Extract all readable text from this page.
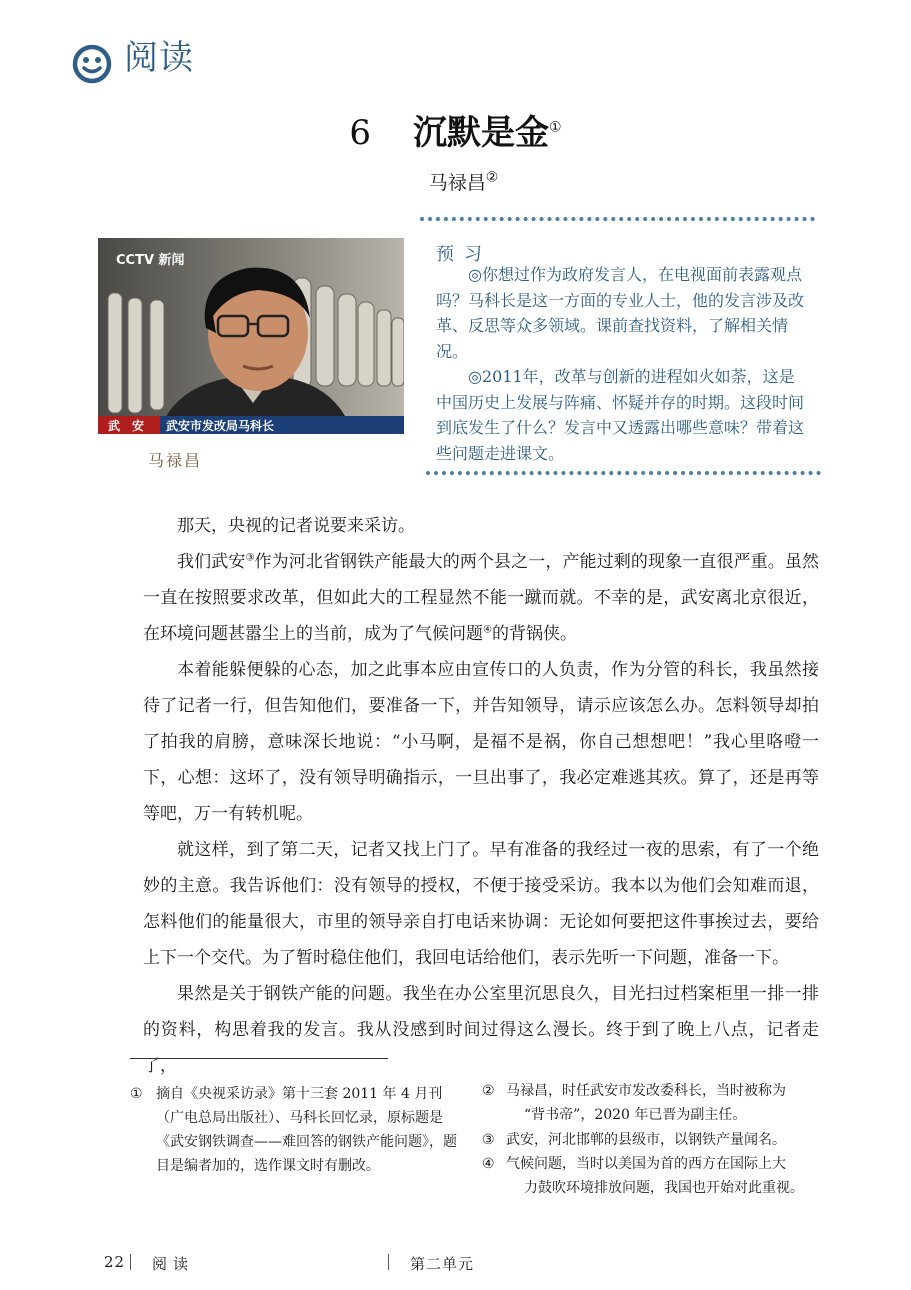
阅读
6 沉默是金①
马禄昌②
CCTV 新闻
武　安 武安市发改局马科长
马禄昌
预习
◎你想过作为政府发言人，在电视面前表露观点吗？马科长是这一方面的专业人士，他的发言涉及改革、反思等众多领域。课前查找资料，了解相关情况。
◎2011年，改革与创新的进程如火如荼，这是中国历史上发展与阵痛、怀疑并存的时期。这段时间到底发生了什么？发言中又透露出哪些意味？带着这些问题走进课文。
那天，央视的记者说要来采访。
我们武安③作为河北省钢铁产能最大的两个县之一，产能过剩的现象一直很严重。虽然一直在按照要求改革，但如此大的工程显然不能一蹴而就。不幸的是，武安离北京很近，在环境问题甚嚣尘上的当前，成为了气候问题④的背锅侠。
本着能躲便躲的心态，加之此事本应由宣传口的人负责，作为分管的科长，我虽然接待了记者一行，但告知他们，要准备一下，并告知领导，请示应该怎么办。怎料领导却拍了拍我的肩膀，意味深长地说：“小马啊，是福不是祸，你自己想想吧！”我心里咯噔一下，心想：这坏了，没有领导明确指示，一旦出事了，我必定难逃其疚。算了，还是再等等吧，万一有转机呢。
就这样，到了第二天，记者又找上门了。早有准备的我经过一夜的思索，有了一个绝妙的主意。我告诉他们：没有领导的授权，不便于接受采访。我本以为他们会知难而退，怎料他们的能量很大，市里的领导亲自打电话来协调：无论如何要把这件事挨过去，要给上下一个交代。为了暂时稳住他们，我回电话给他们，表示先听一下问题，准备一下。
果然是关于钢铁产能的问题。我坐在办公室里沉思良久，目光扫过档案柜里一排一排的资料，构思着我的发言。我从没感到时间过得这么漫长。终于到了晚上八点，记者走了，
① 摘自《央视采访录》第十三套 2011 年 4 月刊（广电总局出版社）、马科长回忆录，原标题是《武安钢铁调查——难回答的钢铁产能问题》，题目是编者加的，选作课文时有删改。
② 马禄昌，时任武安市发改委科长，当时被称为
“背书帝”，2020 年已晋为副主任。
③ 武安，河北邯郸的县级市，以钢铁产量闻名。
④ 气候问题，当时以美国为首的西方在国际上大
力鼓吹环境排放问题，我国也开始对此重视。
22 阅读	第二单元
